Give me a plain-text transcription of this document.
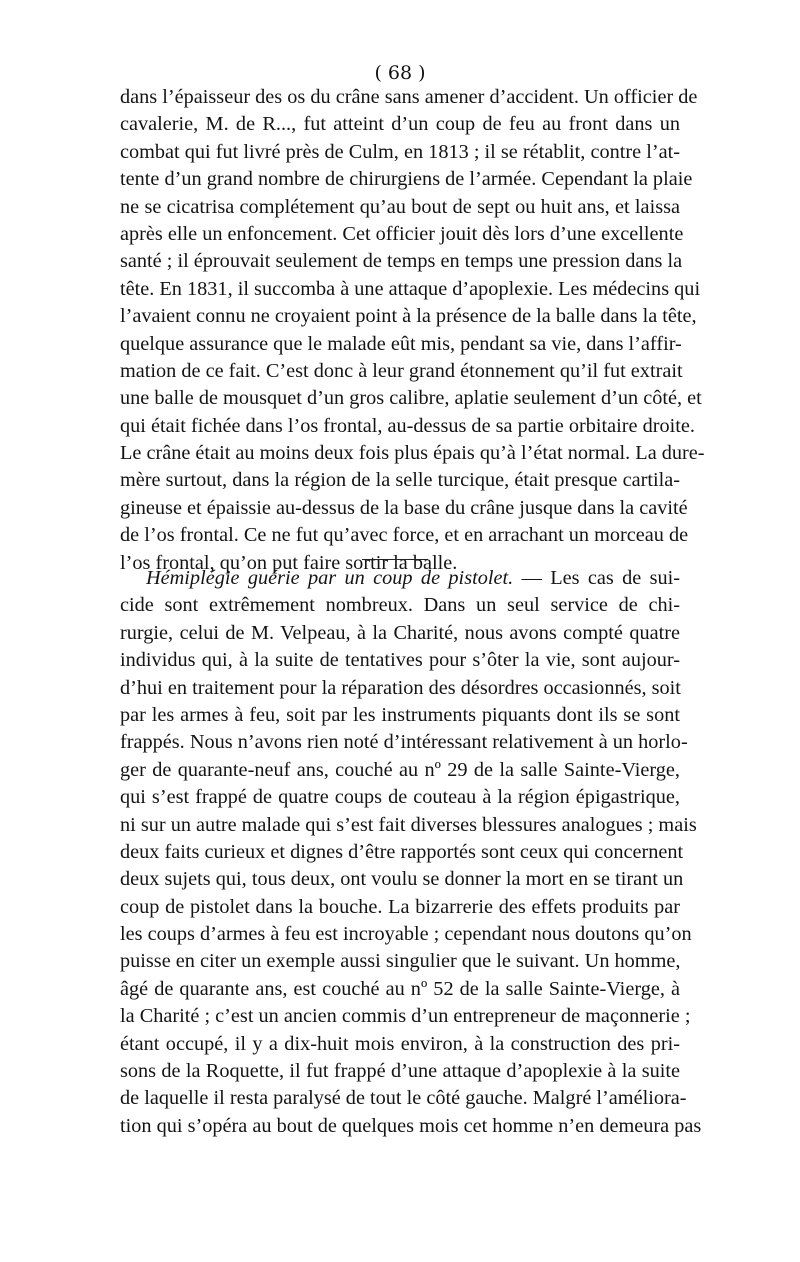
( 68 )
dans l’épaisseur des os du crâne sans amener d’accident. Un officier de
cavalerie, M. de R..., fut atteint d’un coup de feu au front dans un
combat qui fut livré près de Culm, en 1813 ; il se rétablit, contre l’at-
tente d’un grand nombre de chirurgiens de l’armée. Cependant la plaie
ne se cicatrisa complétement qu’au bout de sept ou huit ans, et laissa
après elle un enfoncement. Cet officier jouit dès lors d’une excellente
santé ; il éprouvait seulement de temps en temps une pression dans la
tête. En 1831, il succomba à une attaque d’apoplexie. Les médecins qui
l’avaient connu ne croyaient point à la présence de la balle dans la tête,
quelque assurance que le malade eût mis, pendant sa vie, dans l’affir-
mation de ce fait. C’est donc à leur grand étonnement qu’il fut extrait
une balle de mousquet d’un gros calibre, aplatie seulement d’un côté, et
qui était fichée dans l’os frontal, au-dessus de sa partie orbitaire droite.
Le crâne était au moins deux fois plus épais qu’à l’état normal. La dure-
mère surtout, dans la région de la selle turcique, était presque cartila-
gineuse et épaissie au-dessus de la base du crâne jusque dans la cavité
de l’os frontal. Ce ne fut qu’avec force, et en arrachant un morceau de
l’os frontal, qu’on put faire sortir la balle.
Hémiplégie guérie par un coup de pistolet. — Les cas de sui-
cide sont extrêmement nombreux. Dans un seul service de chi-
rurgie, celui de M. Velpeau, à la Charité, nous avons compté quatre
individus qui, à la suite de tentatives pour s’ôter la vie, sont aujour-
d’hui en traitement pour la réparation des désordres occasionnés, soit
par les armes à feu, soit par les instruments piquants dont ils se sont
frappés. Nous n’avons rien noté d’intéressant relativement à un horlo-
ger de quarante-neuf ans, couché au nº 29 de la salle Sainte-Vierge,
qui s’est frappé de quatre coups de couteau à la région épigastrique,
ni sur un autre malade qui s’est fait diverses blessures analogues ; mais
deux faits curieux et dignes d’être rapportés sont ceux qui concernent
deux sujets qui, tous deux, ont voulu se donner la mort en se tirant un
coup de pistolet dans la bouche. La bizarrerie des effets produits par
les coups d’armes à feu est incroyable ; cependant nous doutons qu’on
puisse en citer un exemple aussi singulier que le suivant. Un homme,
âgé de quarante ans, est couché au nº 52 de la salle Sainte-Vierge, à
la Charité ; c’est un ancien commis d’un entrepreneur de maçonnerie ;
étant occupé, il y a dix-huit mois environ, à la construction des pri-
sons de la Roquette, il fut frappé d’une attaque d’apoplexie à la suite
de laquelle il resta paralysé de tout le côté gauche. Malgré l’améliora-
tion qui s’opéra au bout de quelques mois cet homme n’en demeura pas
